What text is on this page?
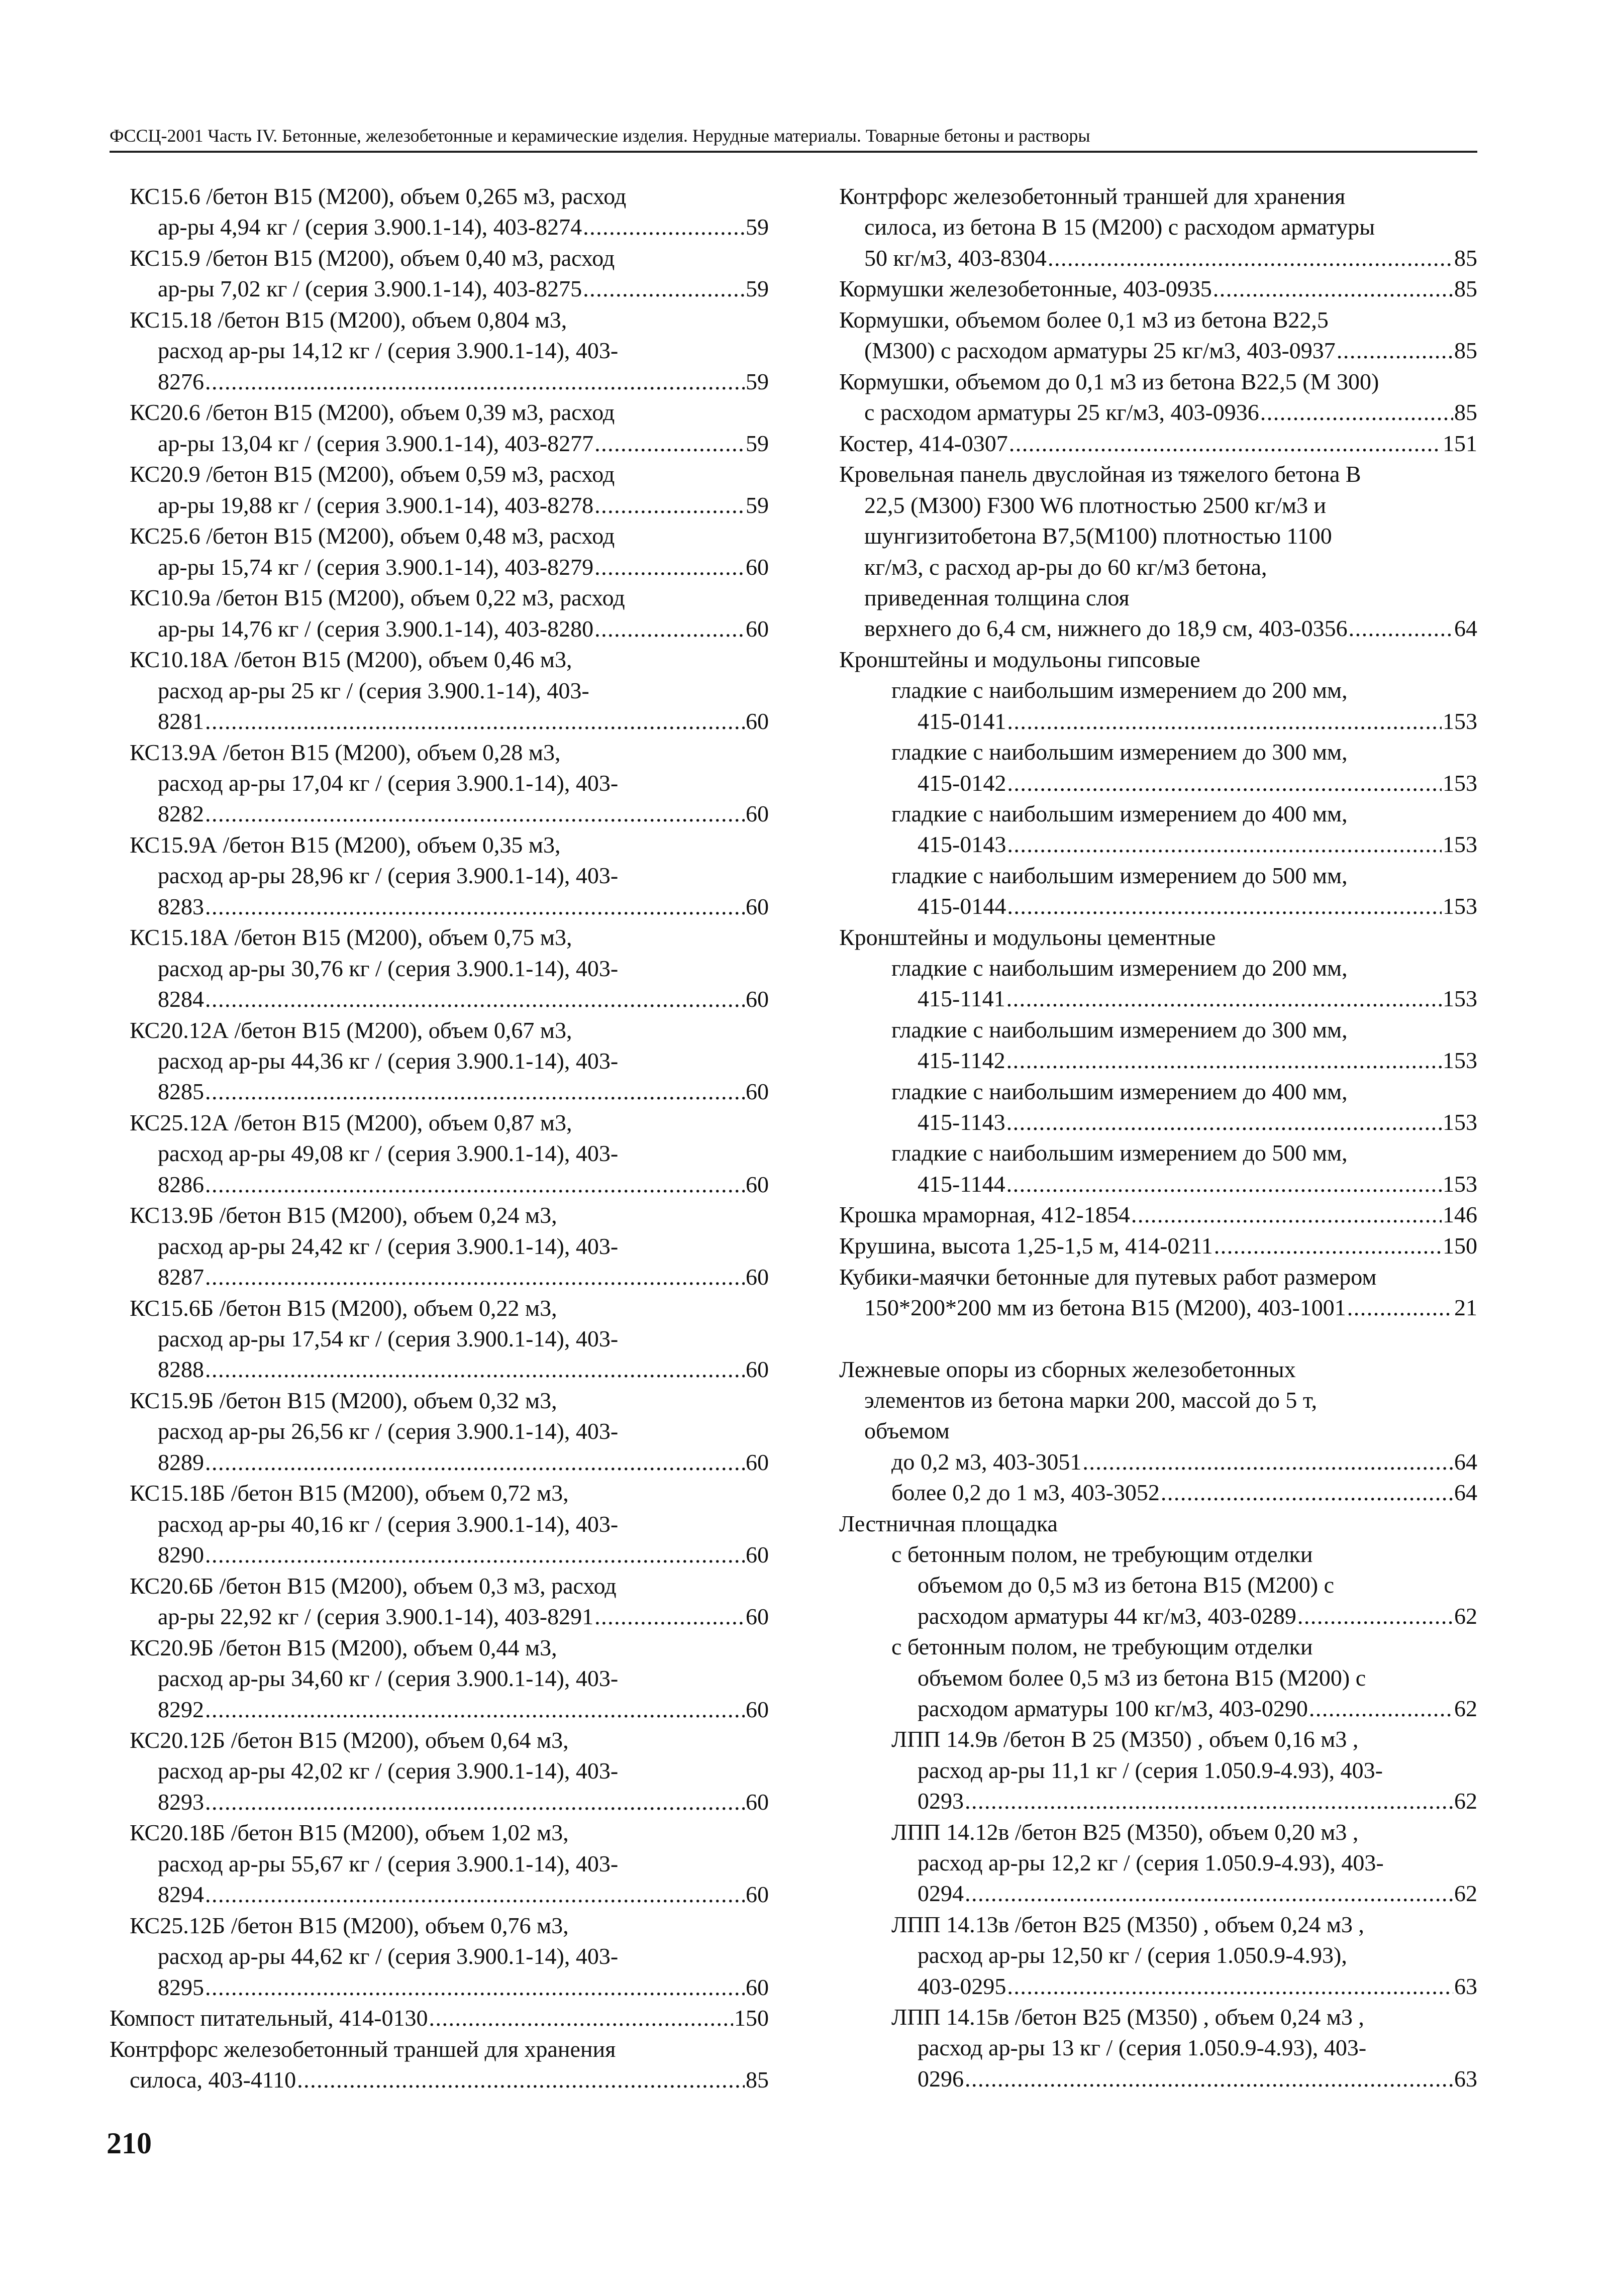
ФССЦ-2001 Часть IV. Бетонные, железобетонные и керамические изделия. Нерудные материалы. Товарные бетоны и растворы
КС15.6 /бетон В15 (М200), объем 0,265 м3, расход
ар-ры 4,94 кг / (серия 3.900.1-14), 403-8274 . . .	59
КС15.9 /бетон В15 (М200), объем 0,40 м3, расход
ар-ры 7,02 кг / (серия 3.900.1-14), 403-8275 . . .	59
КС15.18 /бетон В15 (М200), объем 0,804 м3,
расход ар-ры 14,12 кг / (серия 3.900.1-14), 403-
8276 . . .	59
КС20.6 /бетон В15 (М200), объем 0,39 м3, расход
ар-ры 13,04 кг / (серия 3.900.1-14), 403-8277 . . .	59
КС20.9 /бетон В15 (М200), объем 0,59 м3, расход
ар-ры 19,88 кг / (серия 3.900.1-14), 403-8278 . . .	59
КС25.6 /бетон В15 (М200), объем 0,48 м3, расход
ар-ры 15,74 кг / (серия 3.900.1-14), 403-8279 . . .	60
КС10.9а /бетон В15 (М200), объем 0,22 м3, расход
ар-ры 14,76 кг / (серия 3.900.1-14), 403-8280 . . .	60
КС10.18А /бетон В15 (М200), объем 0,46 м3,
расход ар-ры 25 кг / (серия 3.900.1-14), 403-
8281 . . .	60
КС13.9А /бетон В15 (М200), объем 0,28 м3,
расход ар-ры 17,04 кг / (серия 3.900.1-14), 403-
8282 . . .	60
КС15.9А /бетон В15 (М200), объем 0,35 м3,
расход ар-ры 28,96 кг / (серия 3.900.1-14), 403-
8283 . . .	60
КС15.18А /бетон В15 (М200), объем 0,75 м3,
расход ар-ры 30,76 кг / (серия 3.900.1-14), 403-
8284 . . .	60
КС20.12А /бетон В15 (М200), объем 0,67 м3,
расход ар-ры 44,36 кг / (серия 3.900.1-14), 403-
8285 . . .	60
КС25.12А /бетон В15 (М200), объем 0,87 м3,
расход ар-ры 49,08 кг / (серия 3.900.1-14), 403-
8286 . . .	60
КС13.9Б /бетон В15 (М200), объем 0,24 м3,
расход ар-ры 24,42 кг / (серия 3.900.1-14), 403-
8287 . . .	60
КС15.6Б /бетон В15 (М200), объем 0,22 м3,
расход ар-ры 17,54 кг / (серия 3.900.1-14), 403-
8288 . . .	60
КС15.9Б /бетон В15 (М200), объем 0,32 м3,
расход ар-ры 26,56 кг / (серия 3.900.1-14), 403-
8289 . . .	60
КС15.18Б /бетон В15 (М200), объем 0,72 м3,
расход ар-ры 40,16 кг / (серия 3.900.1-14), 403-
8290 . . .	60
КС20.6Б /бетон В15 (М200), объем 0,3 м3, расход
ар-ры 22,92 кг / (серия 3.900.1-14), 403-8291 . . .	60
КС20.9Б /бетон В15 (М200), объем 0,44 м3,
расход ар-ры 34,60 кг / (серия 3.900.1-14), 403-
8292 . . .	60
КС20.12Б /бетон В15 (М200), объем 0,64 м3,
расход ар-ры 42,02 кг / (серия 3.900.1-14), 403-
8293 . . .	60
КС20.18Б /бетон В15 (М200), объем 1,02 м3,
расход ар-ры 55,67 кг / (серия 3.900.1-14), 403-
8294 . . .	60
КС25.12Б /бетон В15 (М200), объем 0,76 м3,
расход ар-ры 44,62 кг / (серия 3.900.1-14), 403-
8295 . . .	60
Компост питательный, 414-0130 . . .	150
Контрфорс железобетонный траншей для хранения
силоса, 403-4110 . . .	85
Контрфорс железобетонный траншей для хранения
силоса, из бетона В 15 (М200) с расходом арматуры
50 кг/м3, 403-8304 . . .	85
Кормушки железобетонные, 403-0935 . . .	85
Кормушки, объемом более 0,1 м3 из бетона В22,5
(М300) с расходом арматуры 25 кг/м3, 403-0937 . . .	85
Кормушки, объемом до 0,1 м3 из бетона В22,5 (М 300)
с расходом арматуры 25 кг/м3, 403-0936 . . .	85
Костер, 414-0307 . . .	151
Кровельная панель двуслойная из тяжелого бетона В
22,5 (М300) F300 W6 плотностью 2500 кг/м3 и
шунгизитобетона В7,5(М100) плотностью 1100
кг/м3, с расход ар-ры до 60 кг/м3 бетона,
приведенная толщина слоя
верхнего до 6,4 см, нижнего до 18,9 см, 403-0356 . . .	64
Кронштейны и модульоны гипсовые
гладкие с наибольшим измерением до 200 мм,
415-0141 . . .	153
гладкие с наибольшим измерением до 300 мм,
415-0142 . . .	153
гладкие с наибольшим измерением до 400 мм,
415-0143 . . .	153
гладкие с наибольшим измерением до 500 мм,
415-0144 . . .	153
Кронштейны и модульоны цементные
гладкие с наибольшим измерением до 200 мм,
415-1141 . . .	153
гладкие с наибольшим измерением до 300 мм,
415-1142 . . .	153
гладкие с наибольшим измерением до 400 мм,
415-1143 . . .	153
гладкие с наибольшим измерением до 500 мм,
415-1144 . . .	153
Крошка мраморная, 412-1854 . . .	146
Крушина, высота 1,25-1,5 м, 414-0211 . . .	150
Кубики-маячки бетонные для путевых работ размером
150*200*200 мм из бетона В15 (М200), 403-1001 . . .	21
Лежневые опоры из сборных железобетонных
элементов из бетона марки 200, массой до 5 т,
объемом
до 0,2 м3, 403-3051 . . .	64
более 0,2 до 1 м3, 403-3052 . . .	64
Лестничная площадка
с бетонным полом, не требующим отделки
объемом до 0,5 м3 из бетона В15 (М200) с
расходом арматуры 44 кг/м3, 403-0289 . . .	62
с бетонным полом, не требующим отделки
объемом более 0,5 м3 из бетона В15 (М200) с
расходом арматуры 100 кг/м3, 403-0290 . . .	62
ЛПП 14.9в /бетон В 25 (М350) , объем 0,16 м3 ,
расход ар-ры 11,1 кг / (серия 1.050.9-4.93), 403-
0293 . . .	62
ЛПП 14.12в /бетон В25 (М350), объем 0,20 м3 ,
расход ар-ры 12,2 кг / (серия 1.050.9-4.93), 403-
0294 . . .	62
ЛПП 14.13в /бетон В25 (М350) , объем 0,24 м3 ,
расход ар-ры 12,50 кг / (серия 1.050.9-4.93),
403-0295 . . .	63
ЛПП 14.15в /бетон В25 (М350) , объем 0,24 м3 ,
расход ар-ры 13 кг / (серия 1.050.9-4.93), 403-
0296 . . .	63
210
